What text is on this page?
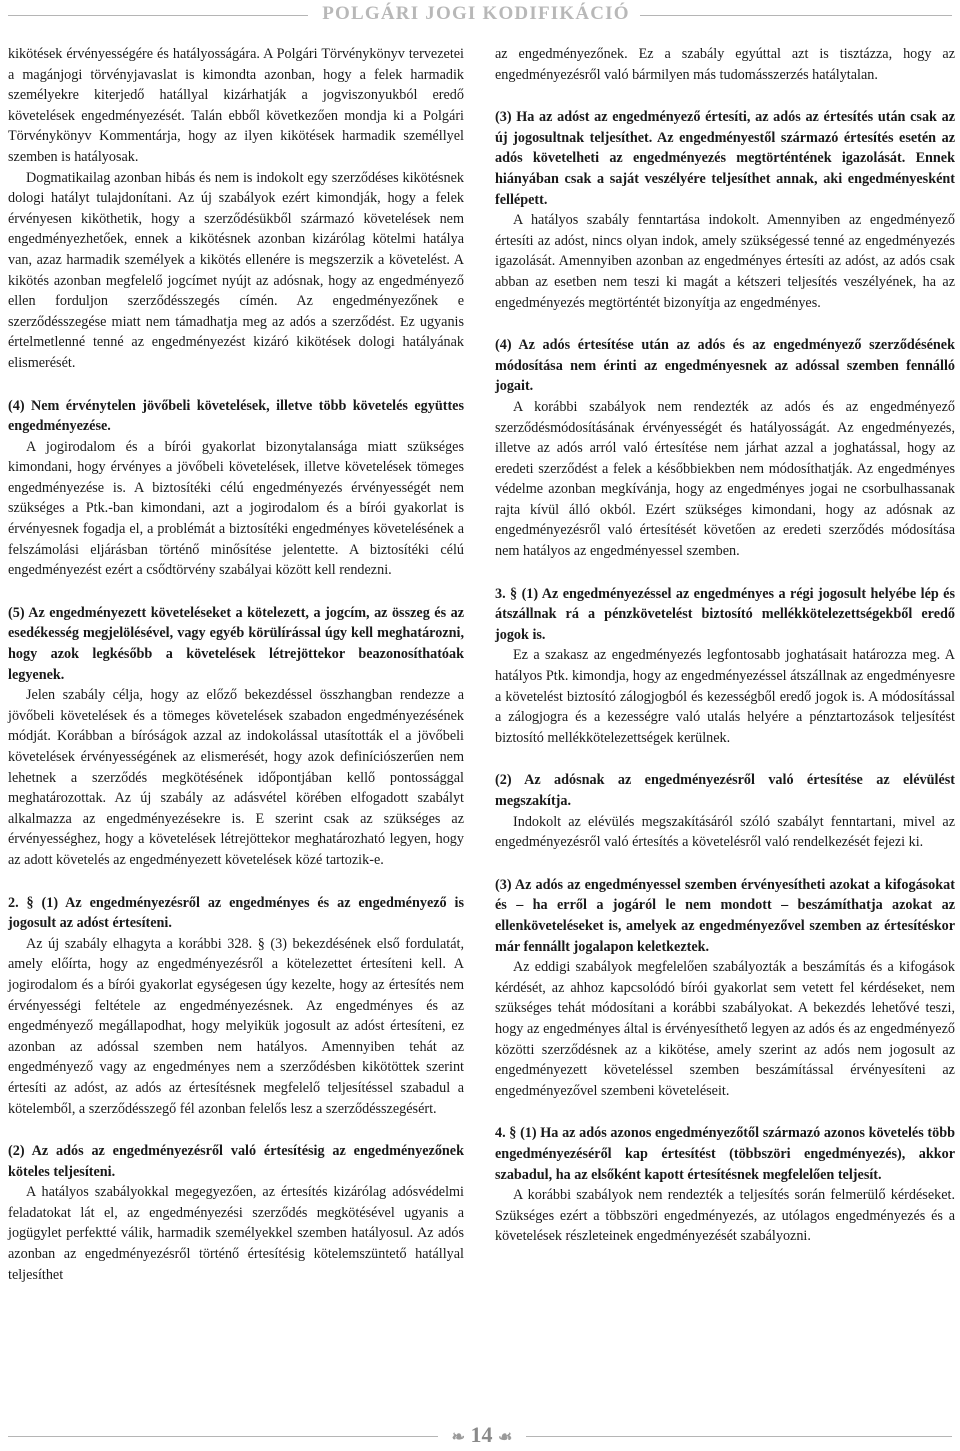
POLGÁRI JOGI KODIFIKÁCIÓ

kikötések érvényességére és hatályosságára. A Polgári Törvénykönyv tervezetei a magánjogi törvényjavaslat is kimondta azonban, hogy a felek harmadik személyekre kiterjedő hatállyal kizárhatják a jogviszonyukból eredő követelések engedményezését. Talán ebből következően mondja ki a Polgári Törvénykönyv Kommentárja, hogy az ilyen kikötések harmadik személlyel szemben is hatályosak.

Dogmatikailag azonban hibás és nem is indokolt egy szerződéses kikötésnek dologi hatályt tulajdonítani. Az új szabályok ezért kimondják, hogy a felek érvényesen kiköthetik, hogy a szerződésükből származó követelések nem engedményezhetőek, ennek a kikötésnek azonban kizárólag kötelmi hatálya van, azaz harmadik személyek a kikötés ellenére is megszerzik a követelést. A kikötés azonban megfelelő jogcímet nyújt az adósnak, hogy az engedményező ellen forduljon szerződésszegés címén. Az engedményezőnek e szerződésszegése miatt nem támadhatja meg az adós a szerződést. Ez ugyanis értelmetlenné tenné az engedményezést kizáró kikötések dologi hatályának elismerését.

(4) Nem érvénytelen jövőbeli követelések, illetve több követelés együttes engedményezése.

A jogirodalom és a bírói gyakorlat bizonytalansága miatt szükséges kimondani, hogy érvényes a jövőbeli követelések, illetve követelések tömeges engedményezése is. A biztosítéki célú engedményezés érvényességét nem szükséges a Ptk.-ban kimondani, azt a jogirodalom és a bírói gyakorlat is érvényesnek fogadja el, a problémát a biztosítéki engedményes követelésének a felszámolási eljárásban történő minősítése jelentette. A biztosítéki célú engedményezést ezért a csődtörvény szabályai között kell rendezni.

(5) Az engedményezett követeléseket a kötelezett, a jogcím, az összeg és az esedékesség megjelölésével, vagy egyéb körülírással úgy kell meghatározni, hogy azok legkésőbb a követelések létrejöttekor beazonosíthatóak legyenek.

Jelen szabály célja, hogy az előző bekezdéssel összhangban rendezze a jövőbeli követelések és a tömeges követelések szabadon engedményezésének módját. Korábban a bíróságok azzal az indokolással utasították el a jövőbeli követelések érvényességének az elismerését, hogy azok definíciószerűen nem lehetnek a szerződés megkötésének időpontjában kellő pontossággal meghatározottak. Az új szabály az adásvétel körében elfogadott szabályt alkalmazza az engedményezésekre is. E szerint csak az szükséges az érvényességhez, hogy a követelések létrejöttekor meghatározható legyen, hogy az adott követelés az engedményezett követelések közé tartozik-e.

2. § (1) Az engedményezésről az engedményes és az engedményező is jogosult az adóst értesíteni.

Az új szabály elhagyta a korábbi 328. § (3) bekezdésének első fordulatát, amely előírta, hogy az engedményezésről a kötelezettet értesíteni kell. A jogirodalom és a bírói gyakorlat egységesen úgy kezelte, hogy az értesítés nem érvényességi feltétele az engedményezésnek. Az engedményes és az engedményező megállapodhat, hogy melyikük jogosult az adóst értesíteni, ez azonban az adóssal szemben nem hatályos. Amennyiben tehát az engedményező vagy az engedményes nem a szerződésben kikötöttek szerint értesíti az adóst, az adós az értesítésnek megfelelő teljesítéssel szabadul a kötelemből, a szerződésszegő fél azonban felelős lesz a szerződésszegésért.

(2) Az adós az engedményezésről való értesítésig az engedményezőnek köteles teljesíteni.

A hatályos szabályokkal megegyezően, az értesítés kizárólag adósvédelmi feladatokat lát el, az engedményezési szerződés megkötésével ugyanis a jogügylet perfektté válik, harmadik személyekkel szemben hatályosul. Az adós azonban az engedményezésről történő értesítésig kötelemszüntető hatállyal teljesíthet

az engedményezőnek. Ez a szabály egyúttal azt is tisztázza, hogy az engedményezésről való bármilyen más tudomásszerzés hatálytalan.

(3) Ha az adóst az engedményező értesíti, az adós az értesítés után csak az új jogosultnak teljesíthet. Az engedményestől származó értesítés esetén az adós követelheti az engedményezés megtörténtének igazolását. Ennek hiányában csak a saját veszélyére teljesíthet annak, aki engedményesként fellépett.

A hatályos szabály fenntartása indokolt. Amennyiben az engedményező értesíti az adóst, nincs olyan indok, amely szükségessé tenné az engedményezés igazolását. Amennyiben azonban az engedményes értesíti az adóst, az adós csak abban az esetben nem teszi ki magát a kétszeri teljesítés veszélyének, ha az engedményezés megtörténtét bizonyítja az engedményes.

(4) Az adós értesítése után az adós és az engedményező szerződésének módosítása nem érinti az engedményesnek az adóssal szemben fennálló jogait.

A korábbi szabályok nem rendezték az adós és az engedményező szerződésmódosításának érvényességét és hatályosságát. Az engedményezés, illetve az adós arról való értesítése nem járhat azzal a joghatással, hogy az eredeti szerződést a felek a későbbiekben nem módosíthatják. Az engedményes védelme azonban megkívánja, hogy az engedményes jogai ne csorbulhassanak rajta kívül álló okból. Ezért szükséges kimondani, hogy az adósnak az engedményezésről való értesítését követően az eredeti szerződés módosítása nem hatályos az engedményessel szemben.

3. § (1) Az engedményezéssel az engedményes a régi jogosult helyébe lép és átszállnak rá a pénzkövetelést biztosító mellékkötelezettségekből eredő jogok is.

Ez a szakasz az engedményezés legfontosabb joghatásait határozza meg. A hatályos Ptk. kimondja, hogy az engedményezéssel átszállnak az engedményesre a követelést biztosító zálogjogból és kezességből eredő jogok is. A módosítással a zálogjogra és a kezességre való utalás helyére a pénztartozások teljesítést biztosító mellékkötelezettségek kerülnek.

(2) Az adósnak az engedményezésről való értesítése az elévülést megszakítja.

Indokolt az elévülés megszakításáról szóló szabályt fenntartani, mivel az engedményezésről való értesítés a követelésről való rendelkezését fejezi ki.

(3) Az adós az engedményessel szemben érvényesítheti azokat a kifogásokat és – ha erről a jogáról le nem mondott – beszámíthatja azokat az ellenköveteléseket is, amelyek az engedményezővel szemben az értesítéskor már fennállt jogalapon keletkeztek.

Az eddigi szabályok megfelelően szabályozták a beszámítás és a kifogások kérdését, az ahhoz kapcsolódó bírói gyakorlat sem vetett fel kérdéseket, nem szükséges tehát módosítani a korábbi szabályokat. A bekezdés lehetővé teszi, hogy az engedményes által is érvényesíthető legyen az adós és az engedményező közötti szerződésnek az a kikötése, amely szerint az adós nem jogosult az engedményezett követeléssel szemben beszámítással érvényesíteni az engedményezővel szembeni követeléseit.

4. § (1) Ha az adós azonos engedményezőtől származó azonos követelés több engedményezéséről kap értesítést (többszöri engedményezés), akkor szabadul, ha az elsőként kapott értesítésnek megfelelően teljesít.

A korábbi szabályok nem rendezték a teljesítés során felmerülő kérdéseket. Szükséges ezért a többszöri engedményezés, az utólagos engedményezés és a követelések részleteinek engedményezését szabályozni.

❧ 14 ☙
